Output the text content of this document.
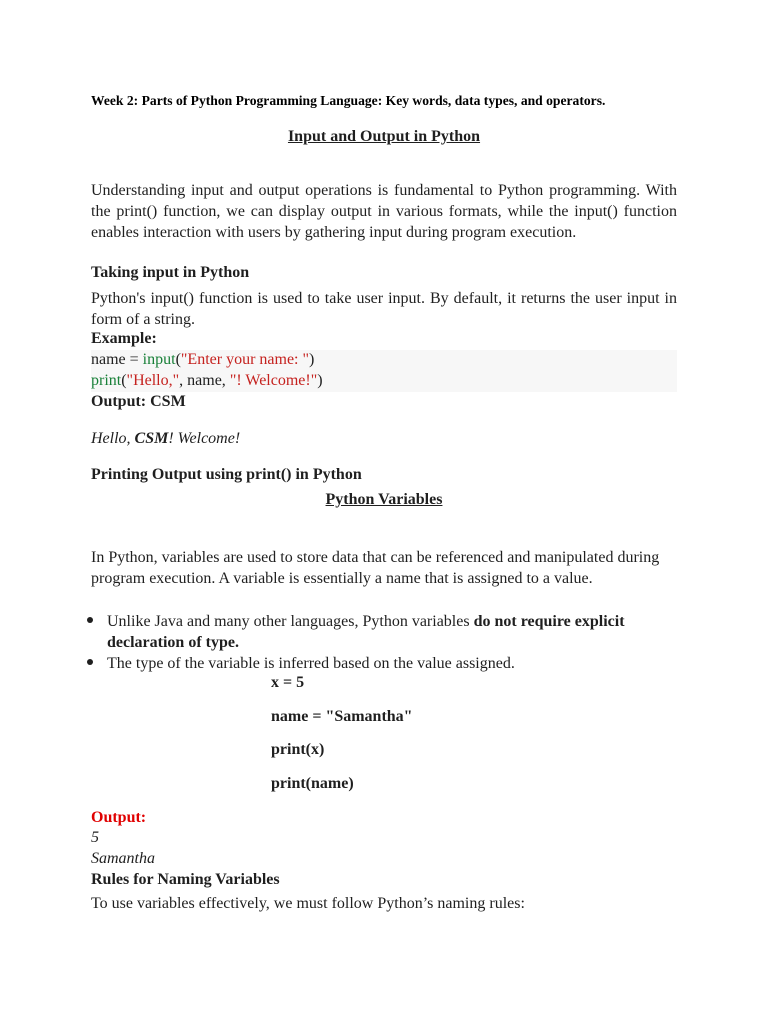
Week 2: Parts of Python Programming Language: Key words, data types, and operators.
Input and Output in Python
Understanding input and output operations is fundamental to Python programming. With the print() function, we can display output in various formats, while the input() function enables interaction with users by gathering input during program execution.
Taking input in Python
Python's input() function is used to take user input. By default, it returns the user input in form of a string.
Example:
name = input("Enter your name: ")
print("Hello,", name, "! Welcome!")
Output: CSM
Hello, CSM! Welcome!
Printing Output using print() in Python
Python Variables
In Python, variables are used to store data that can be referenced and manipulated during program execution. A variable is essentially a name that is assigned to a value.
Unlike Java and many other languages, Python variables do not require explicit declaration of type.
The type of the variable is inferred based on the value assigned.
x = 5
name = "Samantha"
print(x)
print(name)
Output:
5
Samantha
Rules for Naming Variables
To use variables effectively, we must follow Python’s naming rules:
